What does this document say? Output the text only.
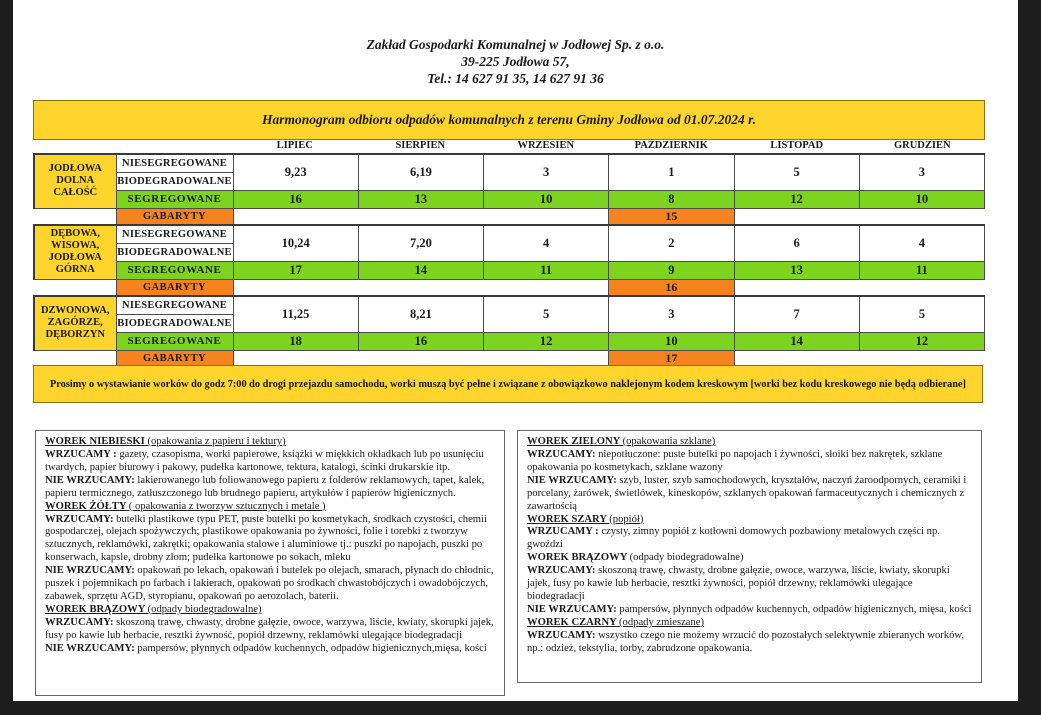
Zakład Gospodarki Komunalnej w Jodłowej Sp. z o.o.
39-225 Jodłowa 57,
Tel.: 14 627 91 35, 14 627 91 36
Harmonogram odbioru odpadów komunalnych z terenu Gminy Jodłowa od 01.07.2024 r.
LIPIEC	SIERPIEŃ	WRZESIEŃ	PAŹDZIERNIK	LISTOPAD	GRUDZIEŃ
JODŁOWA DOLNA CAŁOŚĆ	NIESEGREGOWANE	9,23	6,19	3	1	5	3
	BIODEGRADOWALNE						
	SEGREGOWANE	16	13	10	8	12	10
	GABARYTY				15		
DĘBOWA, WISOWA, JODŁOWA GÓRNA	NIESEGREGOWANE	10,24	7,20	4	2	6	4
	BIODEGRADOWALNE						
	SEGREGOWANE	17	14	11	9	13	11
	GABARYTY				16		
DZWONOWA, ZAGÓRZE, DĘBORZYN	NIESEGREGOWANE	11,25	8,21	5	3	7	5
	BIODEGRADOWALNE						
	SEGREGOWANE	18	16	12	10	14	12
	GABARYTY				17		
Prosimy o wystawianie worków do godz 7:00 do drogi przejazdu samochodu, worki muszą być pełne i związane z obowiązkowo naklejonym kodem kreskowym [worki bez kodu kreskowego nie będą odbierane]
WOREK NIEBIESKI (opakowania z papieru i tektury)

WRZUCAMY : gazety, czasopisma, worki papierowe, książki w miękkich okładkach lub po usunięciu twardych, papier biurowy i pakowy, pudełka kartonowe, tektura, katalogi, ścinki drukarskie itp.

NIE WRZUCAMY: lakierowanego lub foliowanowego papieru z folderów reklamowych, tapet, kalek, papieru termicznego, zatłuszczonego lub brudnego papieru, artykułów i papierów higienicznych.

WOREK ŻÓŁTY ( opakowania z tworzyw sztucznych i metale )

WRZUCAMY: butelki plastikowe typu PET, puste butelki po kosmetykach, środkach czystości, chemii gospodarczej, olejach spożywczych; plastikowe opakowania po żywności, folie i torebki z tworzyw sztucznych, reklamówki, zakrętki; opakowania stalowe i aluminiowe tj.: puszki po napojach, puszki po konserwach, kapsle, drobny złom; pudełka kartonowe po sokach, mleku

NIE WRZUCAMY: opakowań po lekach, opakowań i butelek po olejach, smarach, płynach do chłodnic, puszek i pojemnikach po farbach i lakierach, opakowań po środkach chwastobójczych i owadobójczych, zabawek, sprzętu AGD, styropianu, opakowań po aerozolach, baterii.

WOREK BRĄZOWY (odpady biodegradowalne)

WRZUCAMY: skoszoną trawę, chwasty, drobne gałęzie, owoce, warzywa, liście, kwiaty, skorupki jajek, fusy po kawie lub herbacie, resztki żywność, popiół drzewny, reklamówki ulegające biodegradacji

NIE WRZUCAMY: pampersów, płynnych odpadów kuchennych, odpadów higienicznych,mięsa, kości

WOREK ZIELONY (opakowania szklane)

WRZUCAMY: niepotłuczone: puste butelki po napojach i żywności, słoiki bez nakrętek, szklane opakowania po kosmetykach, szklane wazony

NIE WRZUCAMY: szyb, luster, szyb samochodowych, kryształów, naczyń żaroodpornych, ceramiki i porcelany, żarówek, świetlówek, kineskopów, szklanych opakowań farmaceutycznych i chemicznych z zawartością

WOREK SZARY (popiół)

WRZUCAMY : czysty, zimny popiół z kotłowni domowych pozbawiony metalowych części np. gwoździ

WOREK BRĄZOWY (odpady biodegradowalne)

WRZUCAMY: skoszoną trawę, chwasty, drobne gałęzie, owoce, warzywa, liście, kwiaty, skorupki jajek, fusy po kawie lub herbacie, resztki żywności, popiół drzewny, reklamówki ulegające biodegradacji

NIE WRZUCAMY: pampersów, płynnych odpadów kuchennych, odpadów higienicznych, mięsa, kości

WOREK CZARNY (odpady zmieszane)

WRZUCAMY: wszystko czego nie możemy wrzucić do pozostałych selektywnie zbieranych worków, np.: odzież, tekstylia, torby, zabrudzone opakowania.
